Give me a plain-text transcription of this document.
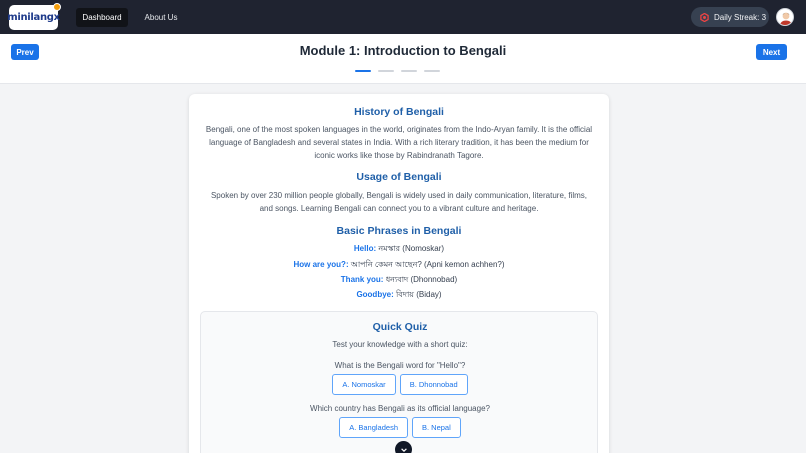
minilangx	Dashboard	About Us	Daily Streak: 3
Prev	Module 1: Introduction to Bengali	Next
History of Bengali
Bengali, one of the most spoken languages in the world, originates from the Indo-Aryan family. It is the official language of Bangladesh and several states in India. With a rich literary tradition, it has been the medium for iconic works like those by Rabindranath Tagore.
Usage of Bengali
Spoken by over 230 million people globally, Bengali is widely used in daily communication, literature, films, and songs. Learning Bengali can connect you to a vibrant culture and heritage.
Basic Phrases in Bengali
Hello: নমস্কার (Nomoskar)
How are you?: আপনি কেমন আছেন? (Apni kemon achhen?)
Thank you: ধন্যবাদ (Dhonnobad)
Goodbye: বিদায় (Biday)
Quick Quiz
Test your knowledge with a short quiz:
What is the Bengali word for "Hello"?
A. Nomoskar	B. Dhonnobad
Which country has Bengali as its official language?
A. Bangladesh	B. Nepal
